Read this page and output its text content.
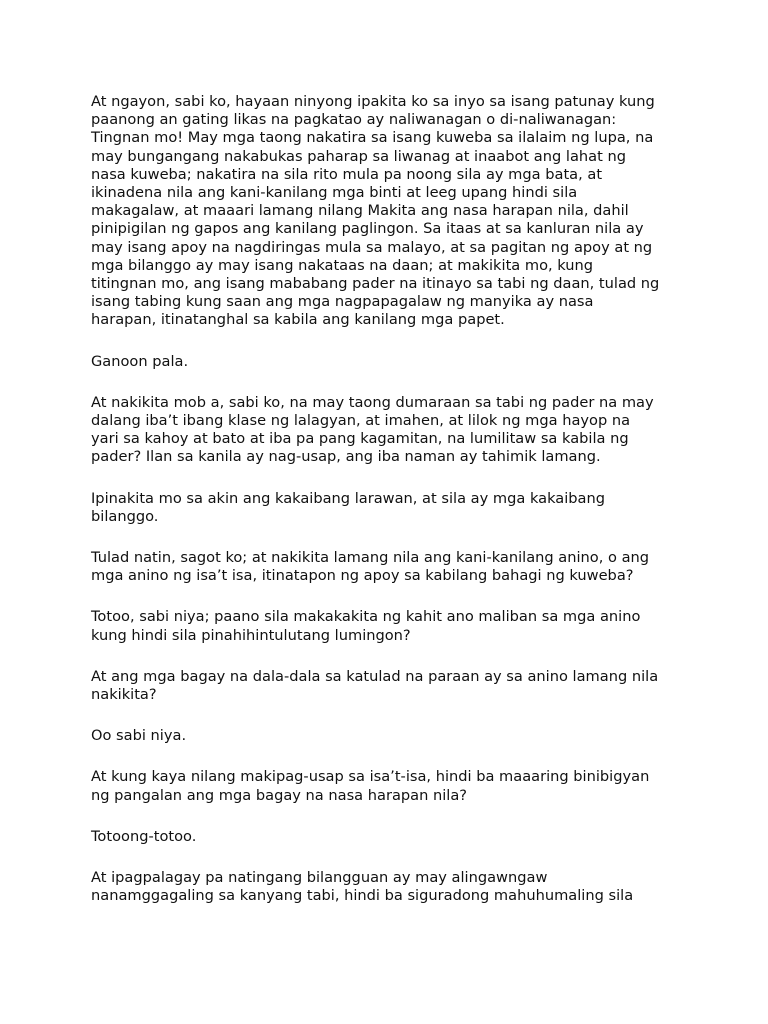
At ngayon, sabi ko, hayaan ninyong ipakita ko sa inyo sa isang patunay kung
paanong an gating likas na pagkatao ay naliwanagan o di-naliwanagan:
Tingnan mo! May mga taong nakatira sa isang kuweba sa ilalaim ng lupa, na
may bungangang nakabukas paharap sa liwanag at inaabot ang lahat ng
nasa kuweba; nakatira na sila rito mula pa noong sila ay mga bata, at
ikinadena nila ang kani-kanilang mga binti at leeg upang hindi sila
makagalaw, at maaari lamang nilang Makita ang nasa harapan nila, dahil
pinipigilan ng gapos ang kanilang paglingon. Sa itaas at sa kanluran nila ay
may isang apoy na nagdiringas mula sa malayo, at sa pagitan ng apoy at ng
mga bilanggo ay may isang nakataas na daan; at makikita mo, kung
titingnan mo, ang isang mababang pader na itinayo sa tabi ng daan, tulad ng
isang tabing kung saan ang mga nagpapagalaw ng manyika ay nasa
harapan, itinatanghal sa kabila ang kanilang mga papet.

Ganoon pala.

At nakikita mob a, sabi ko, na may taong dumaraan sa tabi ng pader na may
dalang iba’t ibang klase ng lalagyan, at imahen, at lilok ng mga hayop na
yari sa kahoy at bato at iba pa pang kagamitan, na lumilitaw sa kabila ng
pader? Ilan sa kanila ay nag-usap, ang iba naman ay tahimik lamang.

Ipinakita mo sa akin ang kakaibang larawan, at sila ay mga kakaibang
bilanggo.

Tulad natin, sagot ko; at nakikita lamang nila ang kani-kanilang anino, o ang
mga anino ng isa’t isa, itinatapon ng apoy sa kabilang bahagi ng kuweba?

Totoo, sabi niya; paano sila makakakita ng kahit ano maliban sa mga anino
kung hindi sila pinahihintulutang lumingon?

At ang mga bagay na dala-dala sa katulad na paraan ay sa anino lamang nila
nakikita?

Oo sabi niya.

At kung kaya nilang makipag-usap sa isa’t-isa, hindi ba maaaring binibigyan
ng pangalan ang mga bagay na nasa harapan nila?

Totoong-totoo.

At ipagpalagay pa natingang bilangguan ay may alingawngaw
nanamggagaling sa kanyang tabi, hindi ba siguradong mahuhumaling sila
